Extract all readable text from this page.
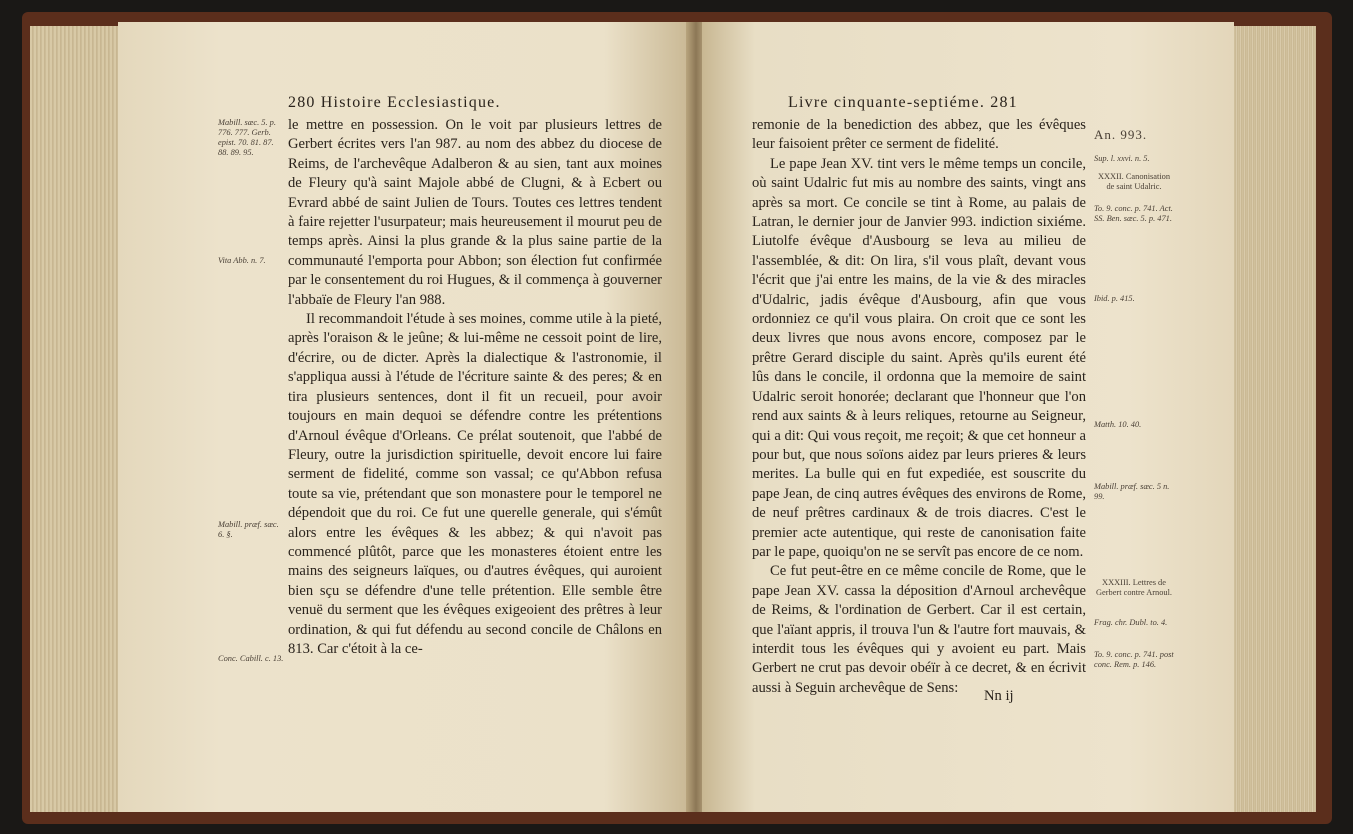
280 Histoire Ecclesiastique.
Mabill. sæc. 5. p. 776. 777. Gerb. epist. 70. 81. 87. 88. 89. 95.
Vita Abb. n. 7.
Mabill. præf. sæc. 6. §.
Conc. Cabill. c. 13.

le mettre en possession. On le voit par plusieurs lettres de Gerbert écrites vers l'an 987. au nom des abbez du diocese de Reims, de l'archevêque Adalberon & au sien, tant aux moines de Fleury qu'à saint Majole abbé de Clugni, & à Ecbert ou Evrard abbé de saint Julien de Tours. Toutes ces lettres tendent à faire rejetter l'usurpateur; mais heureusement il mourut peu de temps après. Ainsi la plus grande & la plus saine partie de la communauté l'emporta pour Abbon; son élection fut confirmée par le consentement du roi Hugues, & il commença à gouverner l'abbaïe de Fleury l'an 988.

Il recommandoit l'étude à ses moines, comme utile à la pieté, après l'oraison & le jeûne; & lui-même ne cessoit point de lire, d'écrire, ou de dicter. Après la dialectique & l'astronomie, il s'appliqua aussi à l'étude de l'écriture sainte & des peres; & en tira plusieurs sentences, dont il fit un recueil, pour avoir toujours en main dequoi se défendre contre les prétentions d'Arnoul évêque d'Orleans. Ce prélat soutenoit, que l'abbé de Fleury, outre la jurisdiction spirituelle, devoit encore lui faire serment de fidelité, comme son vassal; ce qu'Abbon refusa toute sa vie, prétendant que son monastere pour le temporel ne dépendoit que du roi. Ce fut une querelle generale, qui s'émût alors entre les évêques & les abbez; & qui n'avoit pas commencé plûtôt, parce que les monasteres étoient entre les mains des seigneurs laïques, ou d'autres évêques, qui auroient bien sçu se défendre d'une telle prétention. Elle semble être venuë du serment que les évêques exigeoient des prêtres à leur ordination, & qui fut défendu au second concile de Châlons en 813. Car c'étoit à la ce-

Livre cinquante-septiéme. 281
An. 993.
Sup. l. xxvi. n. 5.
XXXII. Canonisation de saint Udalric.
To. 9. conc. p. 741. Act. SS. Ben. sæc. 5. p. 471.
Ibid. p. 415.
Matth. 10. 40.
Mabill. præf. sæc. 5 n. 99.
XXXIII. Lettres de Gerbert contre Arnoul.
Frag. chr. Dubl. to. 4.
To. 9. conc. p. 741. post conc. Rem. p. 146.

remonie de la benediction des abbez, que les évêques leur faisoient prêter ce serment de fidelité.

Le pape Jean XV. tint vers le même temps un concile, où saint Udalric fut mis au nombre des saints, vingt ans après sa mort. Ce concile se tint à Rome, au palais de Latran, le dernier jour de Janvier 993. indiction sixiéme. Liutolfe évêque d'Ausbourg se leva au milieu de l'assemblée, & dit: On lira, s'il vous plaît, devant vous l'écrit que j'ai entre les mains, de la vie & des miracles d'Udalric, jadis évêque d'Ausbourg, afin que vous ordonniez ce qu'il vous plaira. On croit que ce sont les deux livres que nous avons encore, composez par le prêtre Gerard disciple du saint. Après qu'ils eurent été lûs dans le concile, il ordonna que la memoire de saint Udalric seroit honorée; declarant que l'honneur que l'on rend aux saints & à leurs reliques, retourne au Seigneur, qui a dit: Qui vous reçoit, me reçoit; & que cet honneur a pour but, que nous soïons aidez par leurs prieres & leurs merites. La bulle qui en fut expediée, est souscrite du pape Jean, de cinq autres évêques des environs de Rome, de neuf prêtres cardinaux & de trois diacres. C'est le premier acte autentique, qui reste de canonisation faite par le pape, quoiqu'on ne se servît pas encore de ce nom.

Ce fut peut-être en ce même concile de Rome, que le pape Jean XV. cassa la déposition d'Arnoul archevêque de Reims, & l'ordination de Gerbert. Car il est certain, que l'aïant appris, il trouva l'un & l'autre fort mauvais, & interdit tous les évêques qui y avoient eu part. Mais Gerbert ne crut pas devoir obéïr à ce decret, & en écrivit aussi à Seguin archevêque de Sens:

Nn ij
